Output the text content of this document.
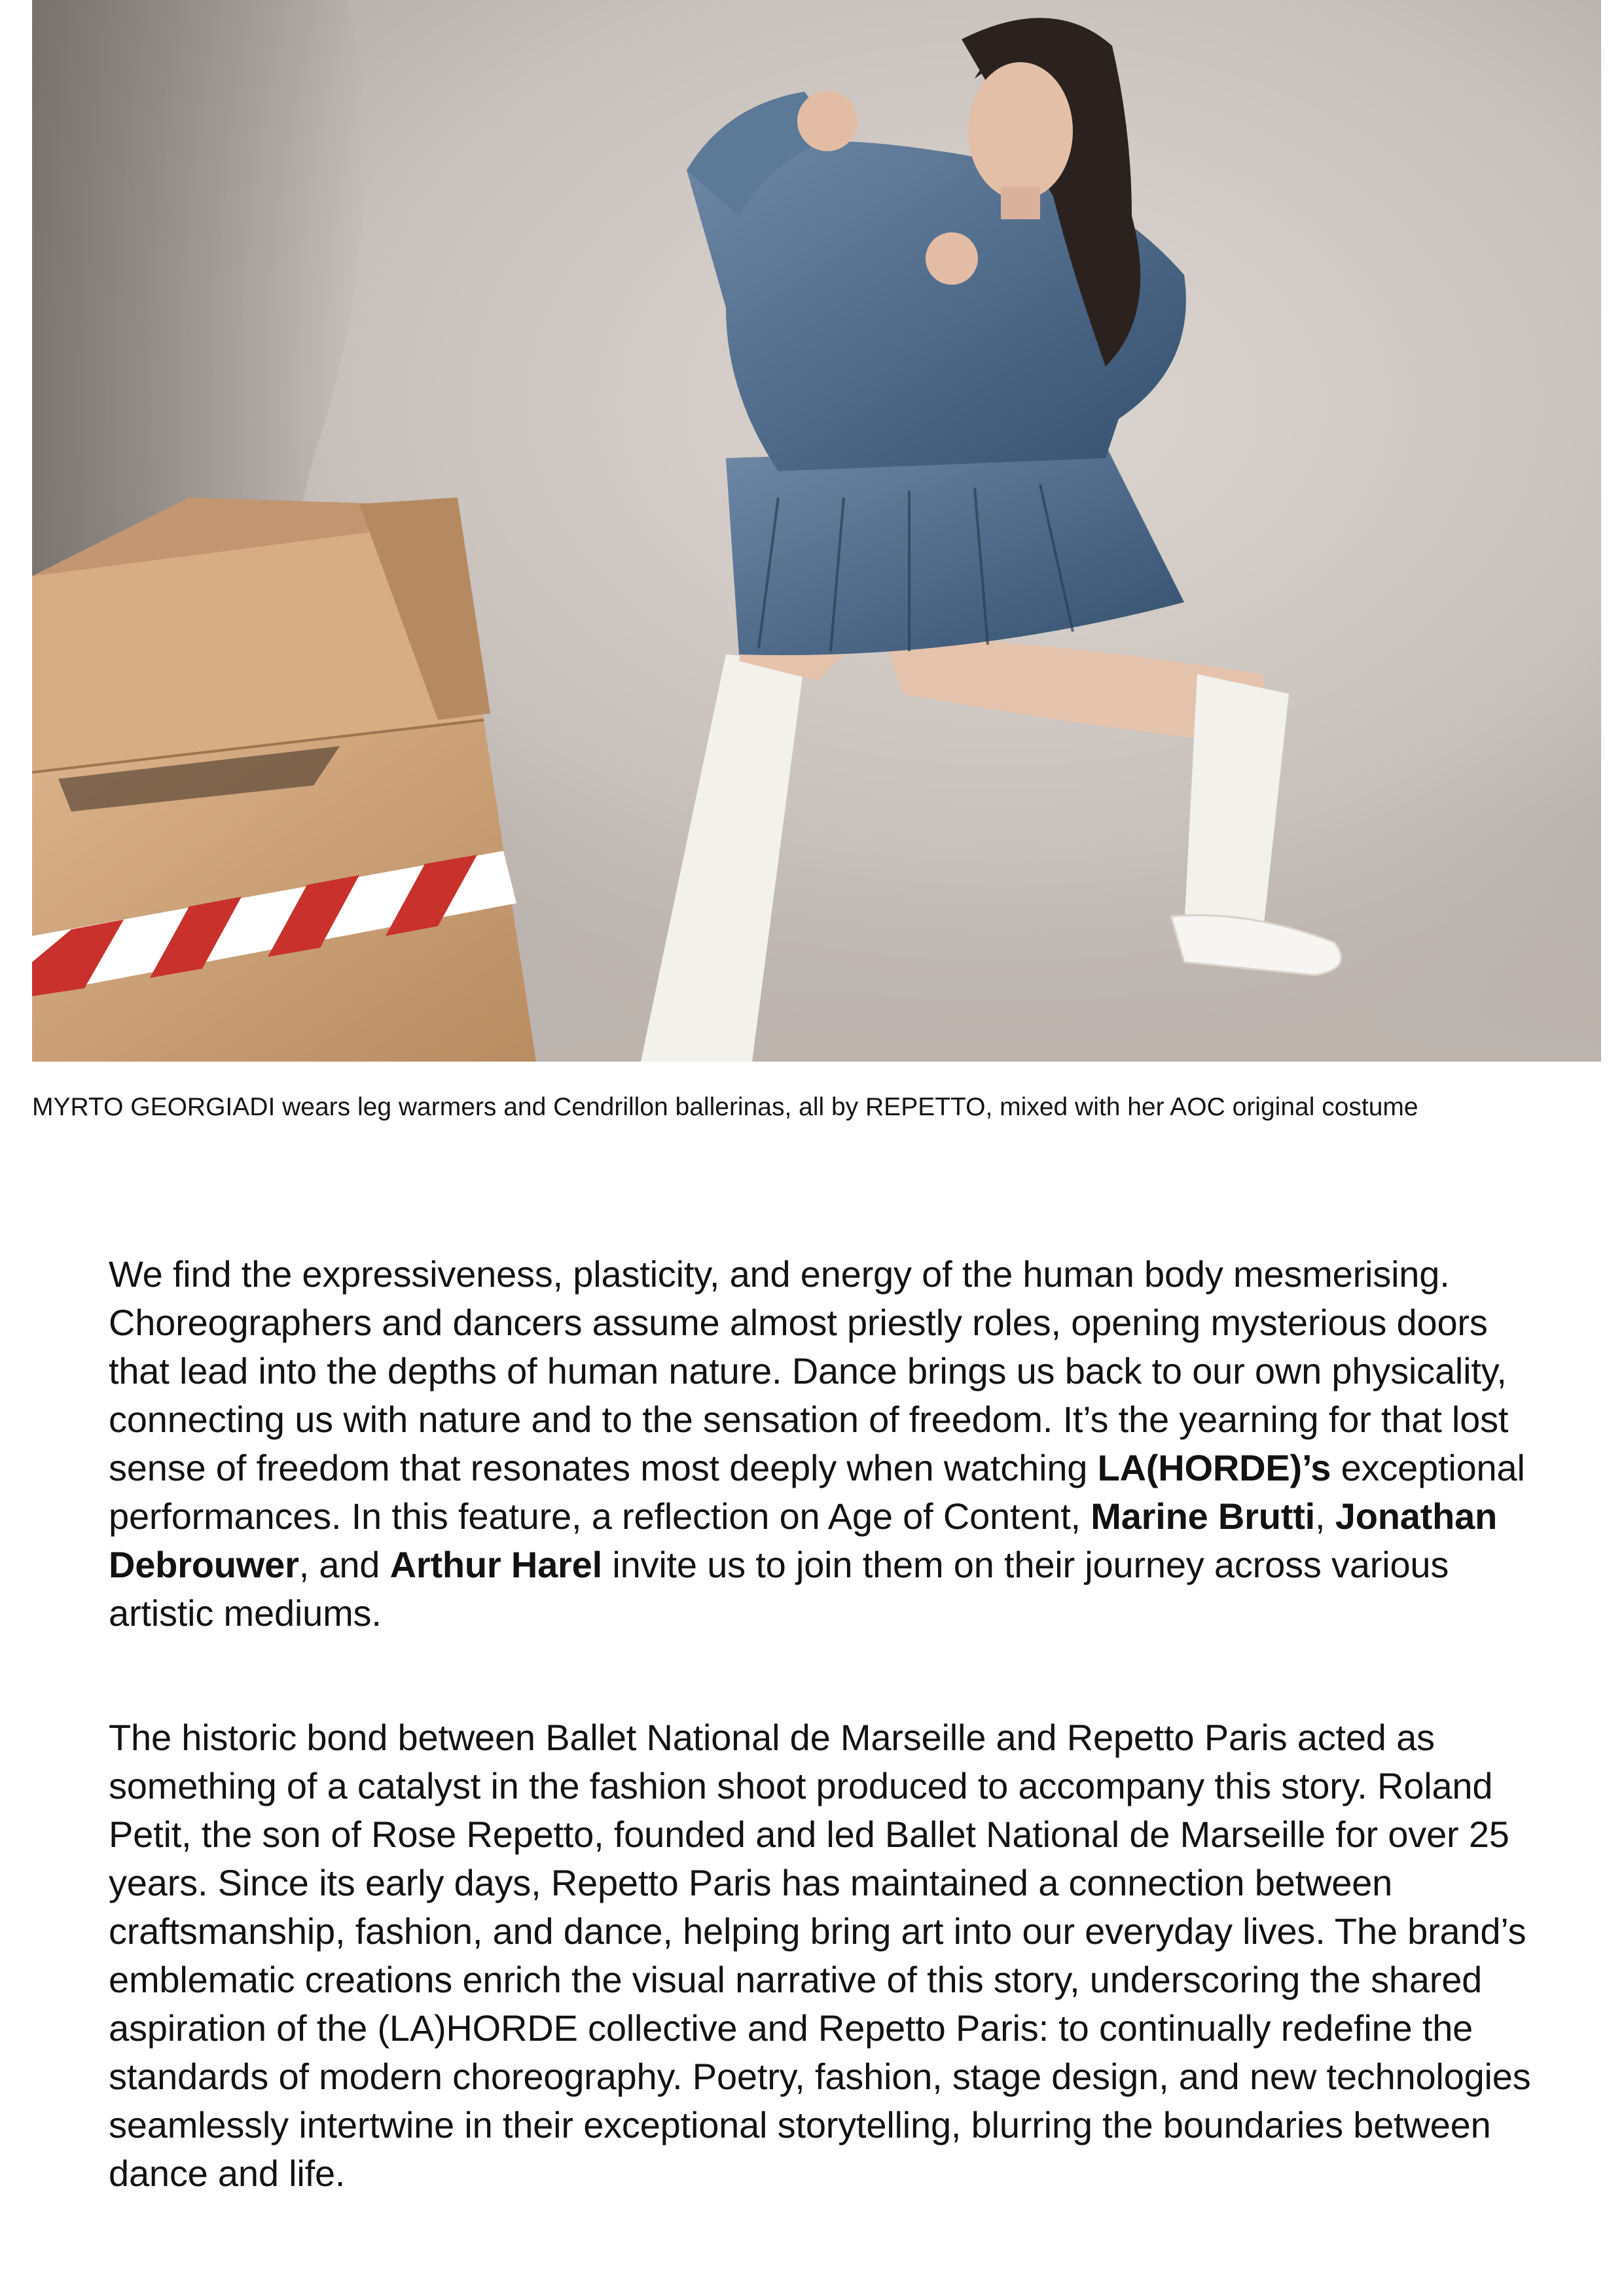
MYRTO GEORGIADI wears leg warmers and Cendrillon ballerinas, all by REPETTO, mixed with her AOC original costume

We find the expressiveness, plasticity, and energy of the human body mesmerising. Choreographers and dancers assume almost priestly roles, opening mysterious doors that lead into the depths of human nature. Dance brings us back to our own physicality, connecting us with nature and to the sensation of freedom. It’s the yearning for that lost sense of freedom that resonates most deeply when watching LA(HORDE)’s exceptional performances. In this feature, a reflection on Age of Content, Marine Brutti, Jonathan Debrouwer, and Arthur Harel invite us to join them on their journey across various artistic mediums.

The historic bond between Ballet National de Marseille and Repetto Paris acted as something of a catalyst in the fashion shoot produced to accompany this story. Roland Petit, the son of Rose Repetto, founded and led Ballet National de Marseille for over 25 years. Since its early days, Repetto Paris has maintained a connection between craftsmanship, fashion, and dance, helping bring art into our everyday lives. The brand’s emblematic creations enrich the visual narrative of this story, underscoring the shared aspiration of the (LA)HORDE collective and Repetto Paris: to continually redefine the standards of modern choreography. Poetry, fashion, stage design, and new technologies seamlessly intertwine in their exceptional storytelling, blurring the boundaries between dance and life.
